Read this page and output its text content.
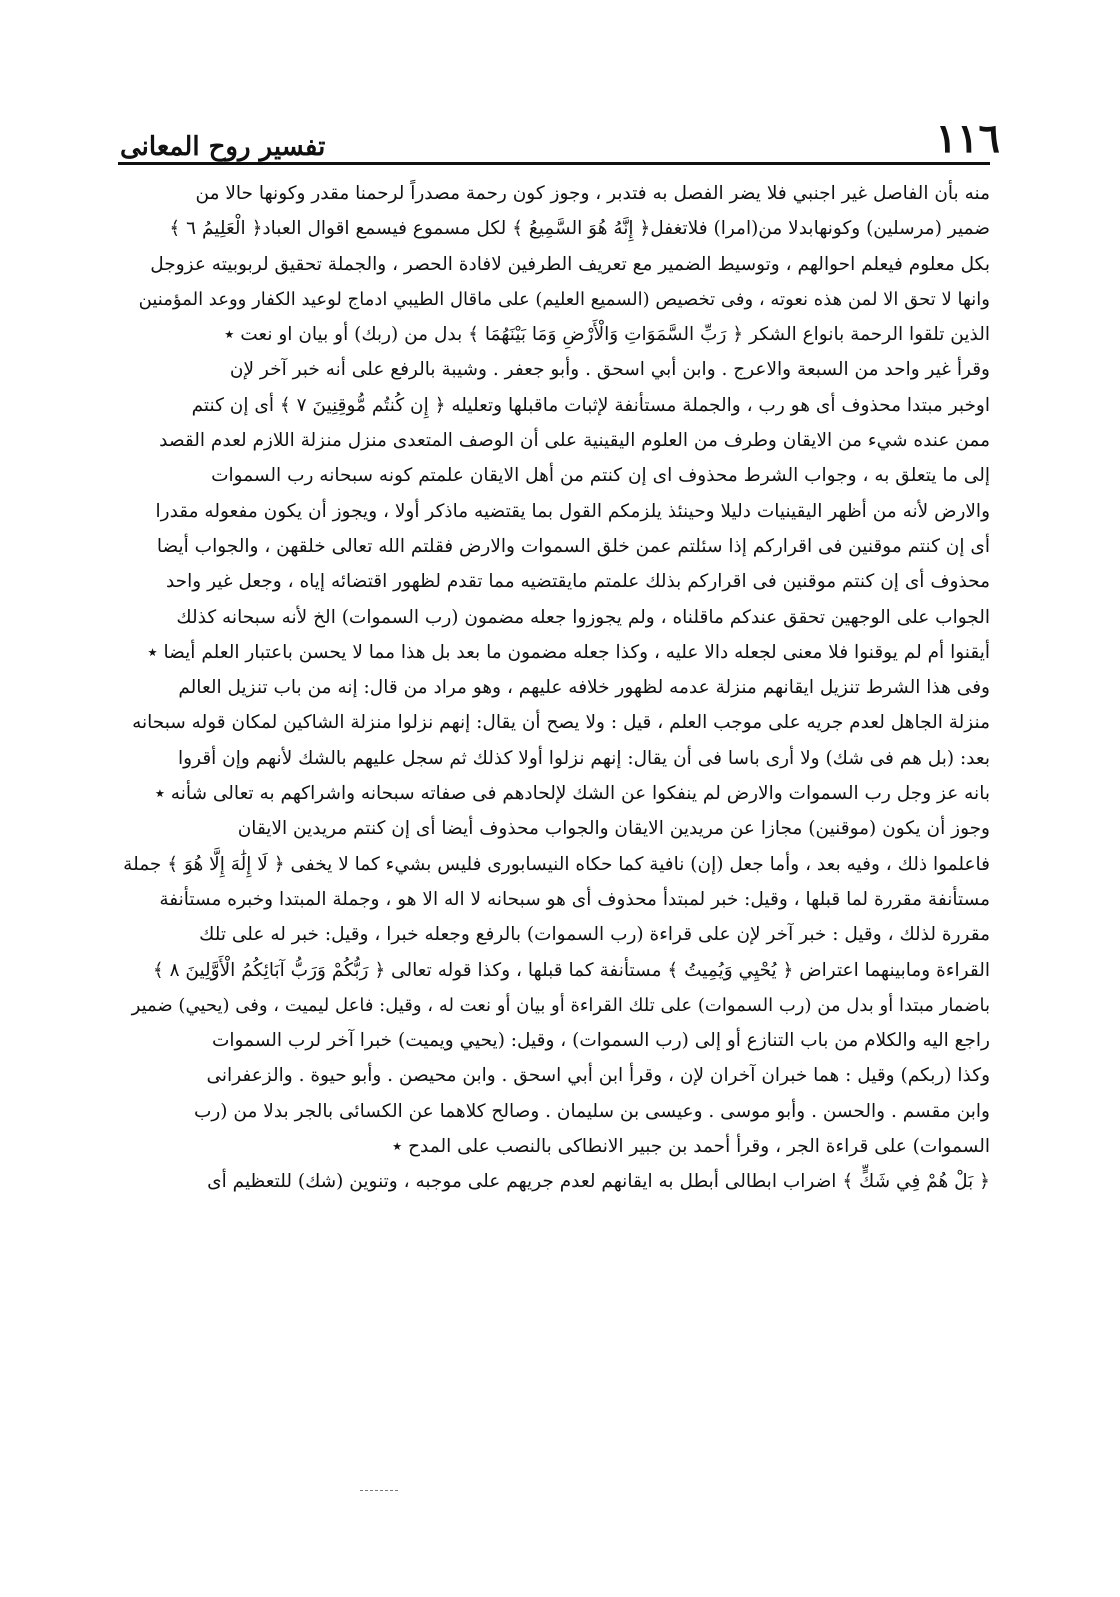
تفسير روح المعانى	١١٦
منه بأن الفاصل غير اجنبي فلا يضر الفصل به فتدبر ، وجوز كون رحمة مصدراً لرحمنا مقدر وكونها حالا من
ضمير (مرسلين) وكونهابدلا من(امرا) فلاتغفل﴿ إِنَّهُ هُوَ السَّمِيعُ ﴾ لكل مسموع فيسمع اقوال العباد﴿ الْعَلِيمُ ٦ ﴾
بكل معلوم فيعلم احوالهم ، وتوسيط الضمير مع تعريف الطرفين لافادة الحصر ، والجملة تحقيق لربوبيته عزوجل
وانها لا تحق الا لمن هذه نعوته ، وفى تخصيص (السميع العليم) على ماقال الطيبي ادماج لوعيد الكفار ووعد المؤمنين
الذين تلقوا الرحمة بانواع الشكر ﴿ رَبِّ السَّمَوَاتِ وَالْأَرْضِ وَمَا بَيْنَهُمَا ﴾ بدل من (ربك) أو بيان او نعت ٭
وقرأ غير واحد من السبعة والاعرج . وابن أبي اسحق . وأبو جعفر . وشيبة بالرفع على أنه خبر آخر لإن
اوخبر مبتدا محذوف أى هو رب ، والجملة مستأنفة لإثبات ماقبلها وتعليله ﴿ إِن كُنتُم مُّوقِنِينَ ٧ ﴾ أى إن كنتم
ممن عنده شيء من الايقان وطرف من العلوم اليقينية على أن الوصف المتعدى منزل منزلة اللازم لعدم القصد
إلى ما يتعلق به ، وجواب الشرط محذوف اى إن كنتم من أهل الايقان علمتم كونه سبحانه رب السموات
والارض لأنه من أظهر اليقينيات دليلا وحينئذ يلزمكم القول بما يقتضيه ماذكر أولا ، ويجوز أن يكون مفعوله مقدرا
أى إن كنتم موقنين فى اقراركم إذا سئلتم عمن خلق السموات والارض فقلتم الله تعالى خلقهن ، والجواب أيضا
محذوف أى إن كنتم موقنين فى اقراركم بذلك علمتم مايقتضيه مما تقدم لظهور اقتضائه إياه ، وجعل غير واحد
الجواب على الوجهين تحقق عندكم ماقلناه ، ولم يجوزوا جعله مضمون (رب السموات) الخ لأنه سبحانه كذلك
أيقنوا أم لم يوقنوا فلا معنى لجعله دالا عليه ، وكذا جعله مضمون ما بعد بل هذا مما لا يحسن باعتبار العلم أيضا ٭
وفى هذا الشرط تنزيل ايقانهم منزلة عدمه لظهور خلافه عليهم ، وهو مراد من قال: إنه من باب تنزيل العالم
منزلة الجاهل لعدم جريه على موجب العلم ، قيل : ولا يصح أن يقال: إنهم نزلوا منزلة الشاكين لمكان قوله سبحانه
بعد: (بل هم فى شك) ولا أرى باسا فى أن يقال: إنهم نزلوا أولا كذلك ثم سجل عليهم بالشك لأنهم وإن أقروا
بانه عز وجل رب السموات والارض لم ينفكوا عن الشك لإلحادهم فى صفاته سبحانه واشراكهم به تعالى شأنه ٭
وجوز أن يكون (موقنين) مجازا عن مريدين الايقان والجواب محذوف أيضا أى إن كنتم مريدين الايقان
فاعلموا ذلك ، وفيه بعد ، وأما جعل (إن) نافية كما حكاه النيسابورى فليس بشيء كما لا يخفى ﴿ لَا إِلَٰهَ إِلَّا هُوَ ﴾ جملة
مستأنفة مقررة لما قبلها ، وقيل: خبر لمبتدأ محذوف أى هو سبحانه لا اله الا هو ، وجملة المبتدا وخبره مستأنفة
مقررة لذلك ، وقيل : خبر آخر لإن على قراءة (رب السموات) بالرفع وجعله خبرا ، وقيل: خبر له على تلك
القراءة ومابينهما اعتراض ﴿ يُحْيِي وَيُمِيتُ ﴾ مستأنفة كما قبلها ، وكذا قوله تعالى ﴿ رَبُّكُمْ وَرَبُّ آبَائِكُمُ الْأَوَّلِينَ ٨ ﴾
باضمار مبتدا أو بدل من (رب السموات) على تلك القراءة أو بيان أو نعت له ، وقيل: فاعل ليميت ، وفى (يحيي) ضمير
راجع اليه والكلام من باب التنازع أو إلى (رب السموات) ، وقيل: (يحيي ويميت) خبرا آخر لرب السموات
وكذا (ربكم) وقيل : هما خبران آخران لإن ، وقرأ ابن أبي اسحق . وابن محيصن . وأبو حيوة . والزعفرانى
وابن مقسم . والحسن . وأبو موسى . وعيسى بن سليمان . وصالح كلاهما عن الكسائى بالجر بدلا من (رب
السموات) على قراءة الجر ، وقرأ أحمد بن جبير الانطاكى بالنصب على المدح ٭
﴿ بَلْ هُمْ فِي شَكٍّ ﴾ اضراب ابطالى أبطل به ايقانهم لعدم جريهم على موجبه ، وتنوين (شك) للتعظيم أى
